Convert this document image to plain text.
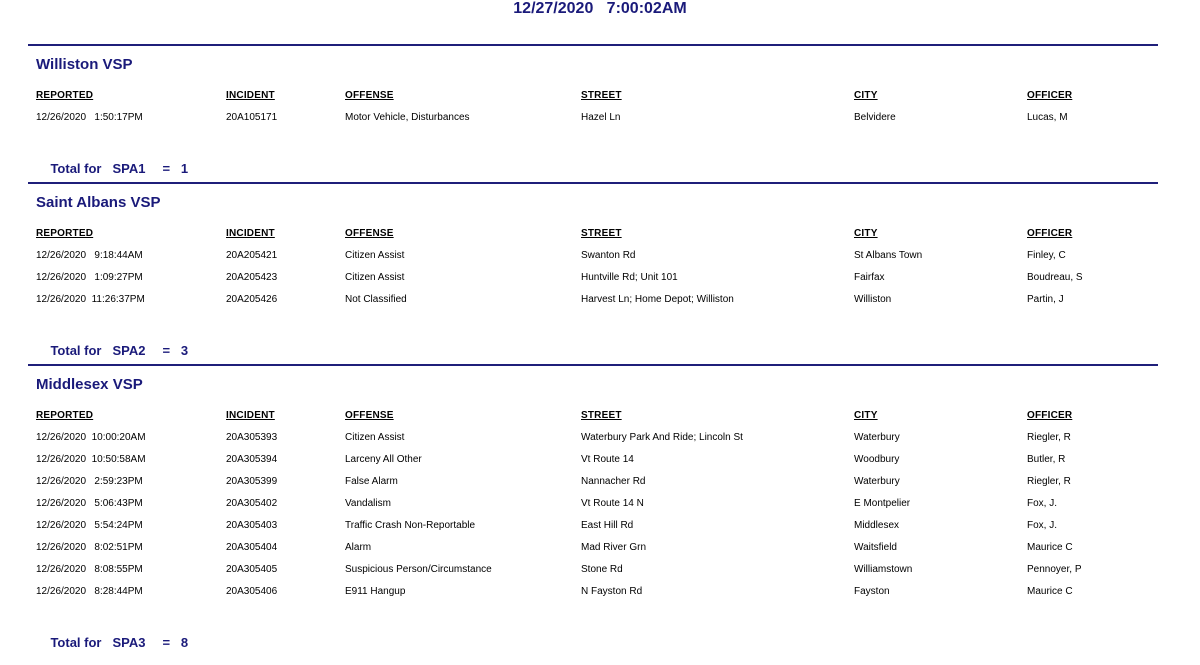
12/27/2020   7:00:02AM
Williston VSP
REPORTED	INCIDENT	OFFENSE	STREET	CITY	OFFICER
12/26/2020   1:50:17PM	20A105171	Motor Vehicle, Disturbances	Hazel Ln	Belvidere	Lucas, M

Total for SPA1 =   1

Saint Albans VSP
REPORTED	INCIDENT	OFFENSE	STREET	CITY	OFFICER
12/26/2020   9:18:44AM	20A205421	Citizen Assist	Swanton Rd	St Albans Town	Finley, C
12/26/2020   1:09:27PM	20A205423	Citizen Assist	Huntville Rd; Unit 101	Fairfax	Boudreau, S
12/26/2020  11:26:37PM	20A205426	Not Classified	Harvest Ln; Home Depot; Williston	Williston	Partin, J

Total for SPA2 =   3

Middlesex VSP
REPORTED	INCIDENT	OFFENSE	STREET	CITY	OFFICER
12/26/2020  10:00:20AM	20A305393	Citizen Assist	Waterbury Park And Ride; Lincoln St	Waterbury	Riegler, R
12/26/2020  10:50:58AM	20A305394	Larceny All Other	Vt Route 14	Woodbury	Butler, R
12/26/2020   2:59:23PM	20A305399	False Alarm	Nannacher Rd	Waterbury	Riegler, R
12/26/2020   5:06:43PM	20A305402	Vandalism	Vt Route 14 N	E Montpelier	Fox, J.
12/26/2020   5:54:24PM	20A305403	Traffic Crash Non-Reportable	East Hill Rd	Middlesex	Fox, J.
12/26/2020   8:02:51PM	20A305404	Alarm	Mad River Grn	Waitsfield	Maurice C
12/26/2020   8:08:55PM	20A305405	Suspicious Person/Circumstance	Stone Rd	Williamstown	Pennoyer, P
12/26/2020   8:28:44PM	20A305406	E911 Hangup	N Fayston Rd	Fayston	Maurice C

Total for SPA3 =   8
